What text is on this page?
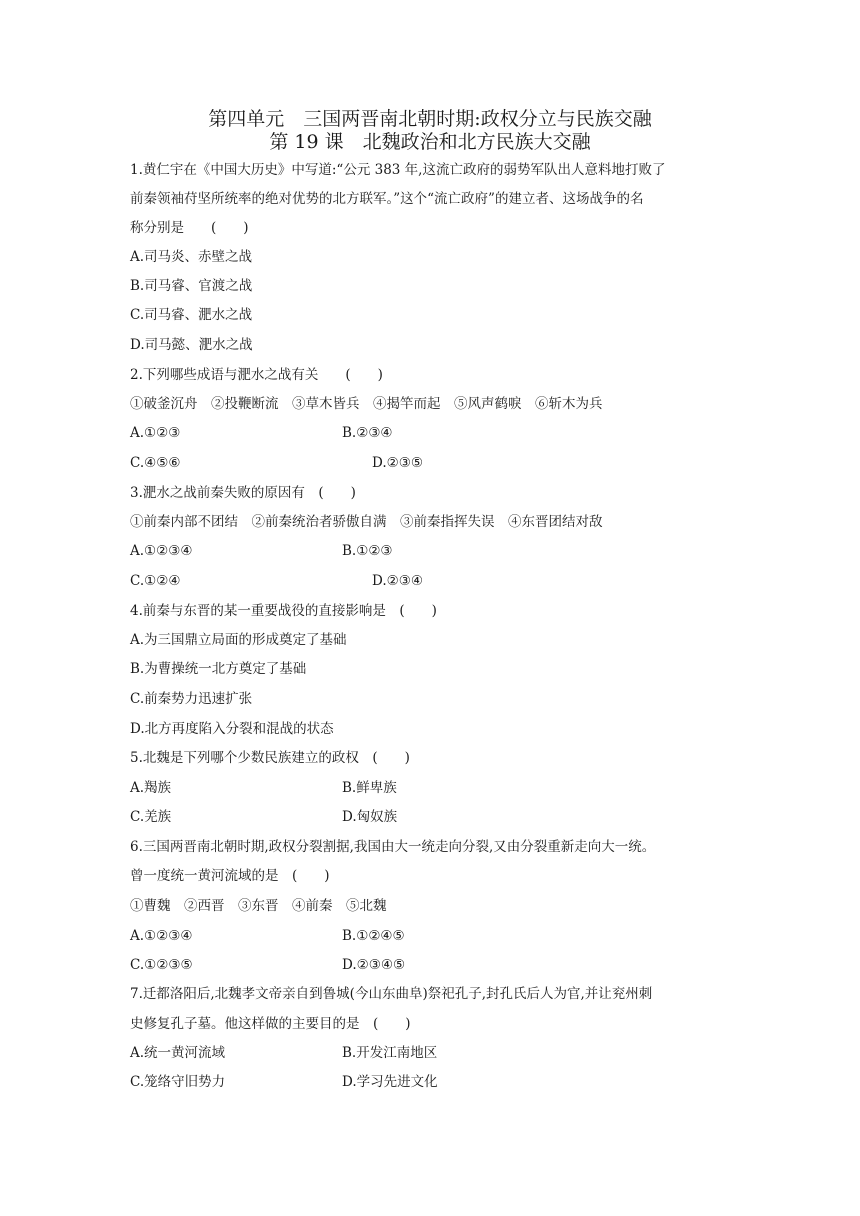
第四单元　三国两晋南北朝时期:政权分立与民族交融
第 19 课　北魏政治和北方民族大交融
1.黄仁宇在《中国大历史》中写道:“公元 383 年,这流亡政府的弱势军队出人意料地打败了
前秦领袖苻坚所统率的绝对优势的北方联军。”这个“流亡政府”的建立者、这场战争的名
称分别是　　(　　)
A.司马炎、赤壁之战
B.司马睿、官渡之战
C.司马睿、淝水之战
D.司马懿、淝水之战
2.下列哪些成语与淝水之战有关　　(　　)
①破釜沉舟　②投鞭断流　③草木皆兵　④揭竿而起　⑤风声鹤唳　⑥斩木为兵
A.①②③	B.②③④
C.④⑤⑥	D.②③⑤
3.淝水之战前秦失败的原因有　(　　)
①前秦内部不团结　②前秦统治者骄傲自满　③前秦指挥失误　④东晋团结对敌
A.①②③④	B.①②③
C.①②④	D.②③④
4.前秦与东晋的某一重要战役的直接影响是　(　　)
A.为三国鼎立局面的形成奠定了基础
B.为曹操统一北方奠定了基础
C.前秦势力迅速扩张
D.北方再度陷入分裂和混战的状态
5.北魏是下列哪个少数民族建立的政权　(　　)
A.羯族	B.鲜卑族
C.羌族	D.匈奴族
6.三国两晋南北朝时期,政权分裂割据,我国由大一统走向分裂,又由分裂重新走向大一统。
曾一度统一黄河流域的是　(　　)
①曹魏　②西晋　③东晋　④前秦　⑤北魏
A.①②③④	B.①②④⑤
C.①②③⑤	D.②③④⑤
7.迁都洛阳后,北魏孝文帝亲自到鲁城(今山东曲阜)祭祀孔子,封孔氏后人为官,并让兖州刺
史修复孔子墓。他这样做的主要目的是　(　　)
A.统一黄河流域	B.开发江南地区
C.笼络守旧势力	D.学习先进文化
